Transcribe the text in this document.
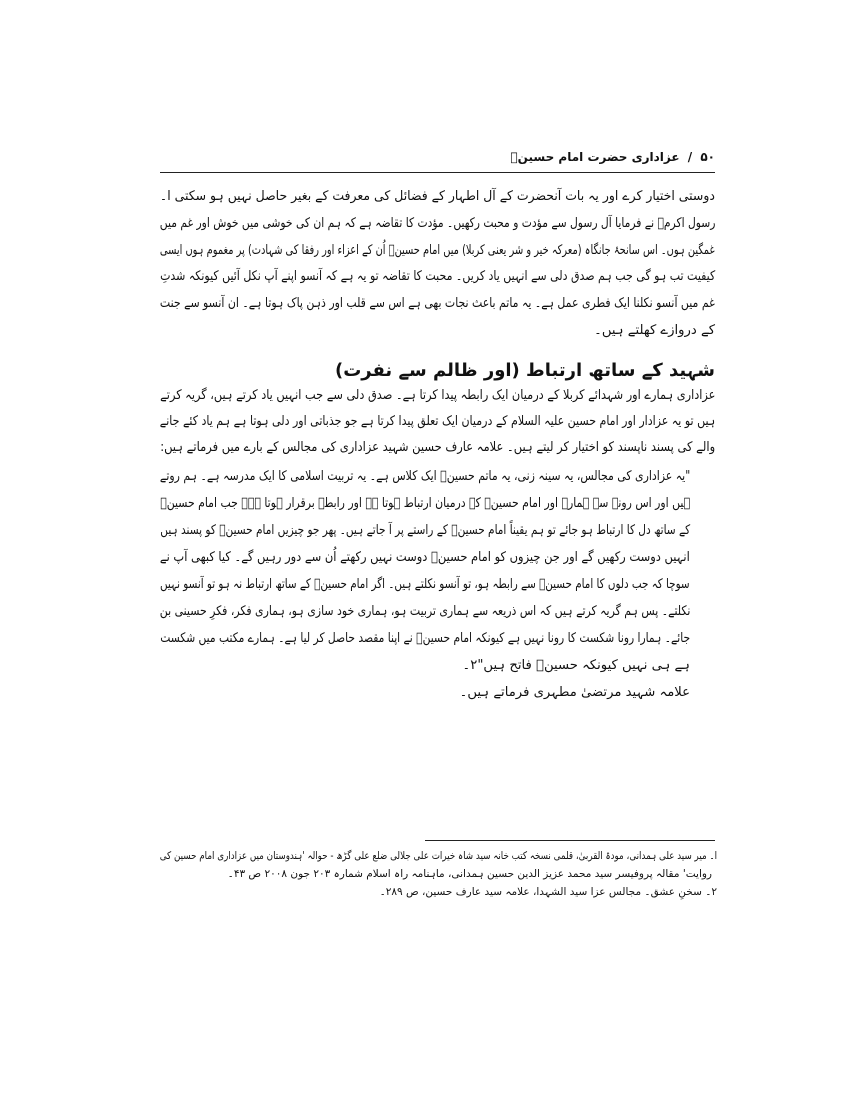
۵۰ / عزاداری حضرت امام حسینؑ
دوستی اختیار کرے اور یہ بات آنحضرت کے آل اطہار کے فضائل کی معرفت کے بغیر حاصل نہیں ہو سکتی ا۔
رسول اکرمؐ نے فرمایا آل رسول سے مؤدت و محبت رکھیں۔ مؤدت کا تقاضہ ہے کہ ہم ان کی خوشی میں خوش اور غم میں
غمگین ہوں۔ اس سانحۂ جانگاہ (معرکہ خیر و شر یعنی کربلا) میں امام حسینؑ اُن کے اعزاء اور رفقا کی شہادت) پر مغموم ہوں ایسی
کیفیت تب ہو گی جب ہم صدق دلی سے انہیں یاد کریں۔ محبت کا تقاضہ تو یہ ہے کہ آنسو اپنے آپ نکل آئیں کیونکہ شدتِ
غم میں آنسو نکلنا ایک فطری عمل ہے۔ یہ ماتم باعث نجات بھی ہے اس سے قلب اور ذہن پاک ہوتا ہے۔ ان آنسو سے جنت
کے دروازے کھلتے ہیں۔
شہید کے ساتھ ارتباط (اور ظالم سے نفرت)
عزاداری ہمارے اور شہدائے کربلا کے درمیان ایک رابطہ پیدا کرتا ہے۔ صدق دلی سے جب انہیں یاد کرتے ہیں، گریہ کرتے
ہیں تو یہ عزادار اور امام حسین علیہ السلام کے درمیان ایک تعلق پیدا کرتا ہے جو جذباتی اور دلی ہوتا ہے ہم یاد کئے جانے
والے کی پسند ناپسند کو اختیار کر لیتے ہیں۔ علامہ عارف حسین شہید عزاداری کی مجالس کے بارے میں فرماتے ہیں:
"یہ عزاداری کی مجالس، یہ سینہ زنی، یہ ماتم حسینؑ ایک کلاس ہے۔ یہ تربیت اسلامی کا ایک مدرسہ ہے۔ ہم روتے
ہیں اور اس رونے سے ہمارے اور امام حسینؑ کے درمیان ارتباط ہوتا ہے اور رابطہ برقرار ہوتا ہے۔ جب امام حسینؑ
کے ساتھ دل کا ارتباط ہو جائے تو ہم یقیناً امام حسینؑ کے راستے پر آ جاتے ہیں۔ پھر جو چیزیں امام حسینؑ کو پسند ہیں
انہیں دوست رکھیں گے اور جن چیزوں کو امام حسینؑ دوست نہیں رکھتے اُن سے دور رہیں گے۔ کیا کبھی آپ نے
سوچا کہ جب دلوں کا امام حسینؑ سے رابطہ ہو، تو آنسو نکلتے ہیں۔ اگر امام حسینؑ کے ساتھ ارتباط نہ ہو تو آنسو نہیں
نکلتے۔ پس ہم گریہ کرتے ہیں کہ اس ذریعہ سے ہماری تربیت ہو، ہماری خود سازی ہو، ہماری فکر، فکرِ حسینی بن
جائے۔ ہمارا رونا شکست کا رونا نہیں ہے کیونکہ امام حسینؑ نے اپنا مقصد حاصل کر لیا ہے۔ ہمارے مکتب میں شکست
ہے ہی نہیں کیونکہ حسینؑ فاتح ہیں"۲۔
علامہ شہید مرتضیٰ مطہری فرماتے ہیں۔
ا۔ میر سید علی ہمدانی، مودۃ القربیٰ، قلمی نسخہ کتب خانہ سید شاہ خیرات علی جلالی ضلع علی گڑھ - حوالہ 'ہندوستان میں عزاداری امام حسین کی
روایت' مقالہ پروفیسر سید محمد عزیز الدین حسین ہمدانی، ماہنامہ راہ اسلام شمارہ ۲۰۳ جون ۲۰۰۸ ص ۴۳۔
۲۔ سخنِ عشق۔ مجالس عزا سید الشہدا، علامہ سید عارف حسین، ص ۲۸۹۔
